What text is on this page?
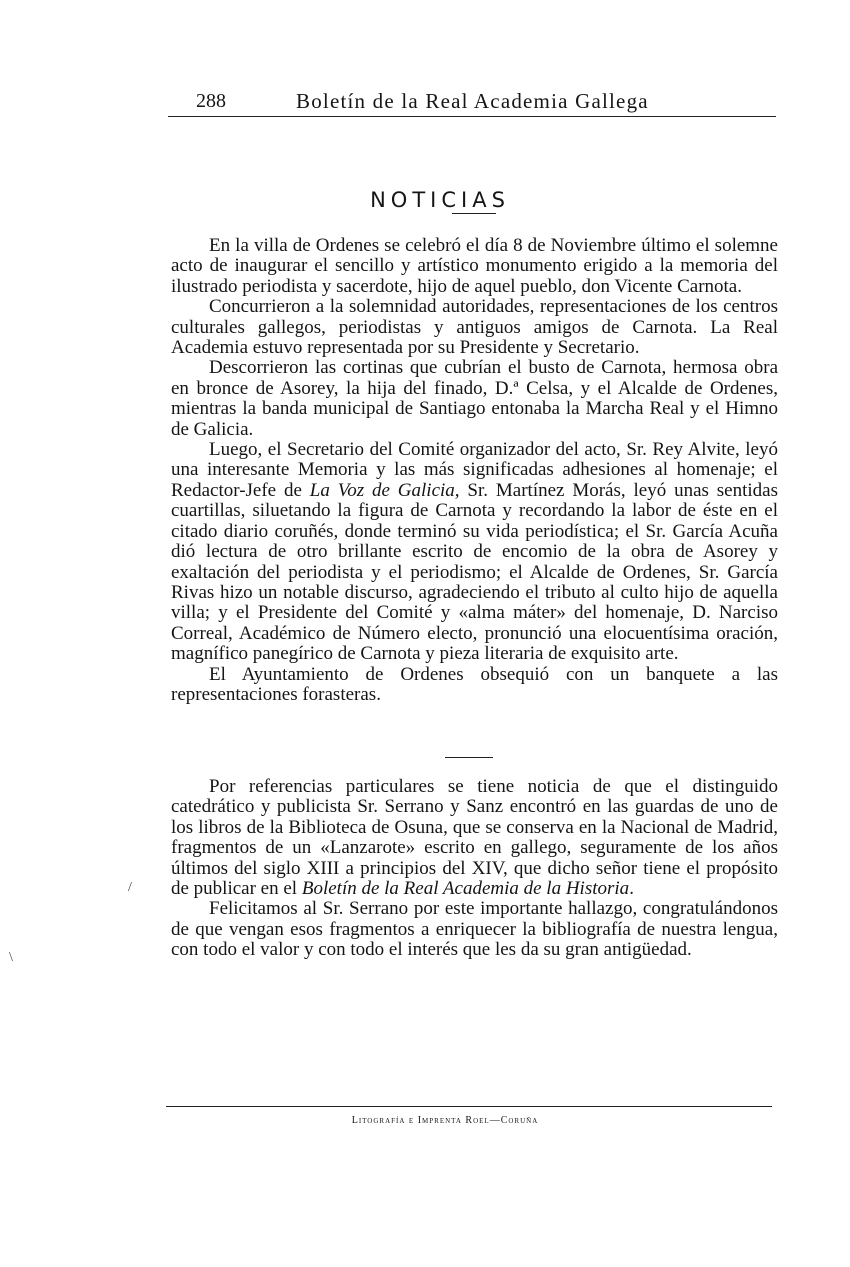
288	Boletín de la Real Academia Gallega
NOTICIAS

En la villa de Ordenes se celebró el día 8 de Noviembre último el solemne acto de inaugurar el sencillo y artístico monumento erigido a la memoria del ilustrado periodista y sacerdote, hijo de aquel pueblo, don Vicente Carnota.

Concurrieron a la solemnidad autoridades, representaciones de los centros culturales gallegos, periodistas y antiguos amigos de Carnota. La Real Academia estuvo representada por su Presidente y Secretario.

Descorrieron las cortinas que cubrían el busto de Carnota, hermosa obra en bronce de Asorey, la hija del finado, D.ª Celsa, y el Alcalde de Ordenes, mientras la banda municipal de Santiago entonaba la Marcha Real y el Himno de Galicia.

Luego, el Secretario del Comité organizador del acto, Sr. Rey Alvite, leyó una interesante Memoria y las más significadas adhesiones al homenaje; el Redactor-Jefe de La Voz de Galicia, Sr. Martínez Morás, leyó unas sentidas cuartillas, siluetando la figura de Carnota y recordando la labor de éste en el citado diario coruñés, donde terminó su vida periodística; el Sr. García Acuña dió lectura de otro brillante escrito de encomio de la obra de Asorey y exaltación del periodista y el periodismo; el Alcalde de Ordenes, Sr. García Rivas hizo un notable discurso, agradeciendo el tributo al culto hijo de aquella villa; y el Presidente del Comité y «alma máter» del homenaje, D. Narciso Correal, Académico de Número electo, pronunció una elocuentísima oración, magnífico panegírico de Carnota y pieza literaria de exquisito arte.

El Ayuntamiento de Ordenes obsequió con un banquete a las representaciones forasteras.

Por referencias particulares se tiene noticia de que el distinguido catedrático y publicista Sr. Serrano y Sanz encontró en las guardas de uno de los libros de la Biblioteca de Osuna, que se conserva en la Nacional de Madrid, fragmentos de un «Lanzarote» escrito en gallego, seguramente de los años últimos del siglo XIII a principios del XIV, que dicho señor tiene el propósito de publicar en el Boletín de la Real Academia de la Historia.

Felicitamos al Sr. Serrano por este importante hallazgo, congratulándonos de que vengan esos fragmentos a enriquecer la bibliografía de nuestra lengua, con todo el valor y con todo el interés que les da su gran antigüedad.

Litografía e Imprenta Roel—Coruña
/
\
